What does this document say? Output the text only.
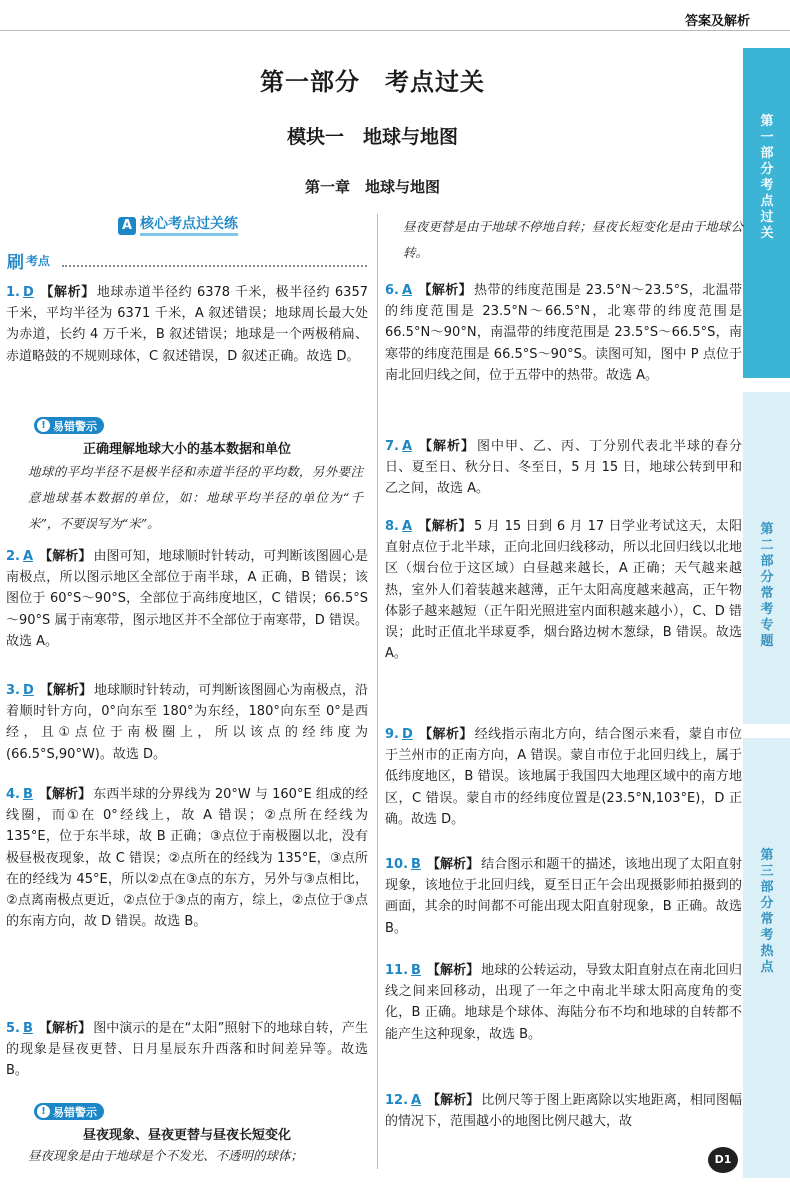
答案及解析
第一部分　考点过关
第二部分　常考专题
第三部分　常考热点
第一部分　考点过关
模块一　地球与地图
第一章　地球与地图
A 核心考点过关练
刷 考点
1. D 【解析】 地球赤道半径约 6378 千米，极半径约 6357 千米，平均半径为 6371 千米，A 叙述错误；地球周长最大处为赤道，长约 4 万千米，B 叙述错误；地球是一个两极稍扁、赤道略鼓的不规则球体，C 叙述错误，D 叙述正确。故选 D。
! 易错警示
正确理解地球大小的基本数据和单位
地球的平均半径不是极半径和赤道半径的平均数，另外要注意地球基本数据的单位，如：地球平均半径的单位为“千米”，不要误写为“米”。
2. A 【解析】 由图可知，地球顺时针转动，可判断该图圆心是南极点，所以图示地区全部位于南半球，A 正确，B 错误；该图位于 60°S～90°S，全部位于高纬度地区，C 错误；66.5°S～90°S 属于南寒带，图示地区并不全部位于南寒带，D 错误。故选 A。
3. D 【解析】 地球顺时针转动，可判断该图圆心为南极点，沿着顺时针方向，0°向东至 180°为东经，180°向东至 0°是西经，且①点位于南极圈上，所以该点的经纬度为(66.5°S,90°W)。故选 D。
4. B 【解析】 东西半球的分界线为 20°W 与 160°E 组成的经线圈，而①在 0°经线上，故 A 错误；②点所在经线为 135°E，位于东半球，故 B 正确；③点位于南极圈以北，没有极昼极夜现象，故 C 错误；②点所在的经线为 135°E，③点所在的经线为 45°E，所以②点在③点的东方，另外与③点相比，②点离南极点更近，②点位于③点的南方，综上，②点位于③点的东南方向，故 D 错误。故选 B。
5. B 【解析】 图中演示的是在“太阳”照射下的地球自转，产生的现象是昼夜更替、日月星辰东升西落和时间差异等。故选 B。
! 易错警示
昼夜现象、昼夜更替与昼夜长短变化
昼夜现象是由于地球是个不发光、不透明的球体；
昼夜更替是由于地球不停地自转；昼夜长短变化是由于地球公转。
6. A 【解析】 热带的纬度范围是 23.5°N～23.5°S，北温带的纬度范围是 23.5°N～66.5°N，北寒带的纬度范围是 66.5°N～90°N，南温带的纬度范围是 23.5°S～66.5°S，南寒带的纬度范围是 66.5°S～90°S。读图可知，图中 P 点位于南北回归线之间，位于五带中的热带。故选 A。
7. A 【解析】 图中甲、乙、丙、丁分别代表北半球的春分日、夏至日、秋分日、冬至日，5 月 15 日，地球公转到甲和乙之间，故选 A。
8. A 【解析】 5 月 15 日到 6 月 17 日学业考试这天，太阳直射点位于北半球，正向北回归线移动，所以北回归线以北地区（烟台位于这区域）白昼越来越长，A 正确；天气越来越热，室外人们着装越来越薄，正午太阳高度越来越高，正午物体影子越来越短（正午阳光照进室内面积越来越小），C、D 错误；此时正值北半球夏季，烟台路边树木葱绿，B 错误。故选 A。
9. D 【解析】 经线指示南北方向，结合图示来看，蒙自市位于兰州市的正南方向，A 错误。蒙自市位于北回归线上，属于低纬度地区，B 错误。该地属于我国四大地理区域中的南方地区，C 错误。蒙自市的经纬度位置是(23.5°N,103°E)，D 正确。故选 D。
10. B 【解析】 结合图示和题干的描述，该地出现了太阳直射现象，该地位于北回归线，夏至日正午会出现摄影师拍摄到的画面，其余的时间都不可能出现太阳直射现象，B 正确。故选 B。
11. B 【解析】 地球的公转运动，导致太阳直射点在南北回归线之间来回移动，出现了一年之中南北半球太阳高度角的变化，B 正确。地球是个球体、海陆分布不均和地球的自转都不能产生这种现象，故选 B。
12. A 【解析】 比例尺等于图上距离除以实地距离，相同图幅的情况下，范围越小的地图比例尺越大，故
D1
